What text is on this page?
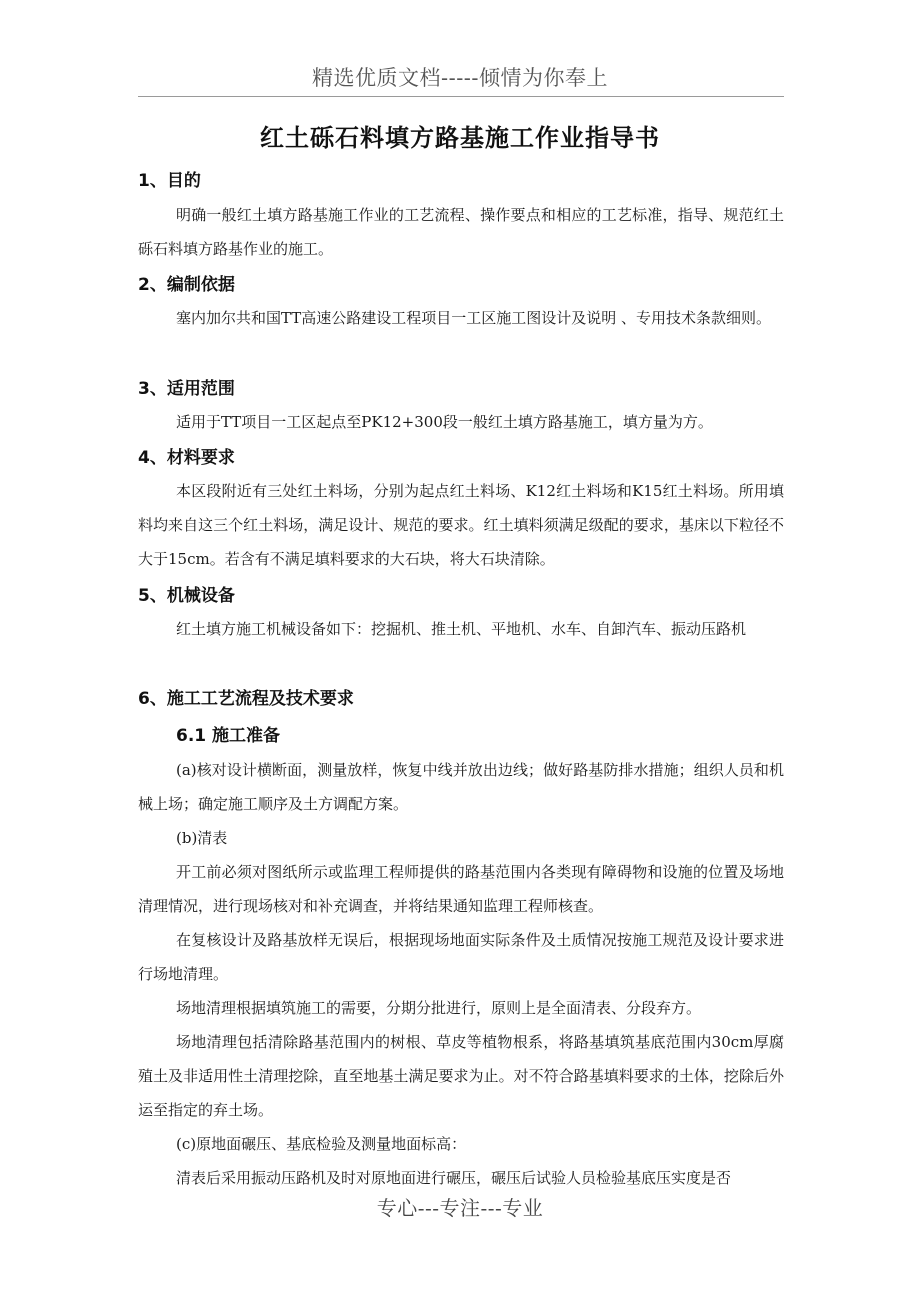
精选优质文档-----倾情为你奉上
红土砾石料填方路基施工作业指导书
1、目的
明确一般红土填方路基施工作业的工艺流程、操作要点和相应的工艺标准，指导、规范红土砾石料填方路基作业的施工。
2、编制依据
塞内加尔共和国TT高速公路建设工程项目一工区施工图设计及说明 、专用技术条款细则。
3、适用范围
适用于TT项目一工区起点至PK12+300段一般红土填方路基施工，填方量为方。
4、材料要求
本区段附近有三处红土料场，分别为起点红土料场、K12红土料场和K15红土料场。所用填料均来自这三个红土料场，满足设计、规范的要求。红土填料须满足级配的要求，基床以下粒径不大于15cm。若含有不满足填料要求的大石块，将大石块清除。
5、机械设备
红土填方施工机械设备如下：挖掘机、推土机、平地机、水车、自卸汽车、振动压路机
6、施工工艺流程及技术要求
6.1 施工准备
(a)核对设计横断面，测量放样，恢复中线并放出边线；做好路基防排水措施；组织人员和机械上场；确定施工顺序及土方调配方案。
(b)清表
开工前必须对图纸所示或监理工程师提供的路基范围内各类现有障碍物和设施的位置及场地清理情况，进行现场核对和补充调查，并将结果通知监理工程师核查。
在复核设计及路基放样无误后，根据现场地面实际条件及土质情况按施工规范及设计要求进行场地清理。
场地清理根据填筑施工的需要，分期分批进行，原则上是全面清表、分段弃方。
场地清理包括清除路基范围内的树根、草皮等植物根系，将路基填筑基底范围内30cm厚腐殖土及非适用性土清理挖除，直至地基土满足要求为止。对不符合路基填料要求的土体，挖除后外运至指定的弃土场。
(c)原地面碾压、基底检验及测量地面标高：
清表后采用振动压路机及时对原地面进行碾压，碾压后试验人员检验基底压实度是否
专心---专注---专业
